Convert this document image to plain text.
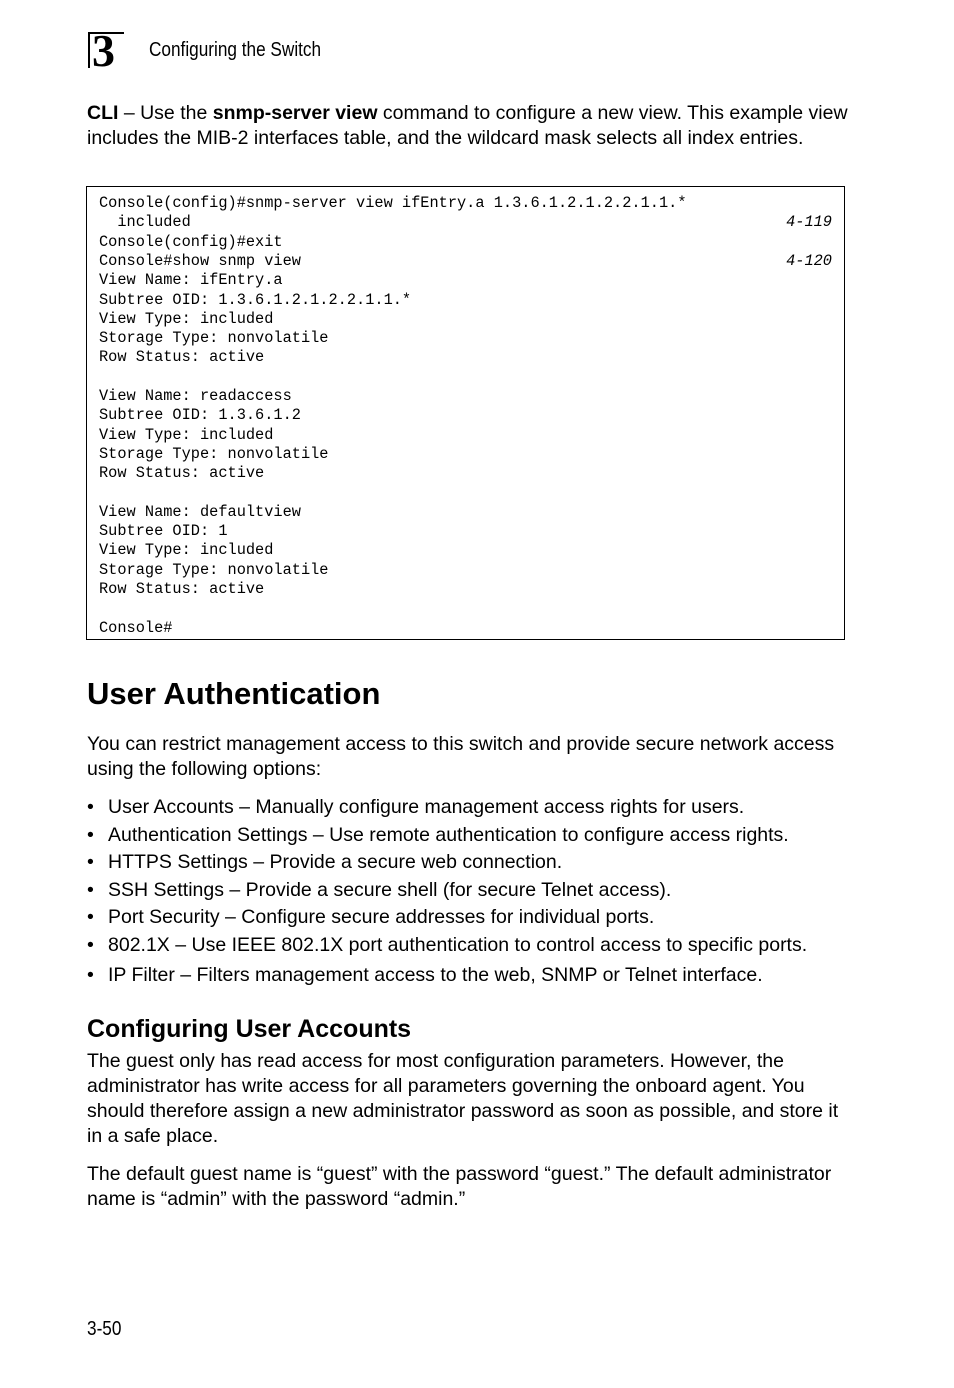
3 Configuring the Switch

CLI – Use the snmp-server view command to configure a new view. This example view includes the MIB-2 interfaces table, and the wildcard mask selects all index entries.

Console(config)#snmp-server view ifEntry.a 1.3.6.1.2.1.2.2.1.1.*
included	4-119
Console(config)#exit
Console#show snmp view	4-120
View Name: ifEntry.a
Subtree OID: 1.3.6.1.2.1.2.2.1.1.*
View Type: included
Storage Type: nonvolatile
Row Status: active
View Name: readaccess
Subtree OID: 1.3.6.1.2
View Type: included
Storage Type: nonvolatile
Row Status: active
View Name: defaultview
Subtree OID: 1
View Type: included
Storage Type: nonvolatile
Row Status: active
Console#
User Authentication

You can restrict management access to this switch and provide secure network access using the following options:

• User Accounts – Manually configure management access rights for users.
• Authentication Settings – Use remote authentication to configure access rights.
• HTTPS Settings – Provide a secure web connection.
• SSH Settings – Provide a secure shell (for secure Telnet access).
• Port Security – Configure secure addresses for individual ports.
• 802.1X – Use IEEE 802.1X port authentication to control access to specific ports.
• IP Filter – Filters management access to the web, SNMP or Telnet interface.
Configuring User Accounts

The guest only has read access for most configuration parameters. However, the administrator has write access for all parameters governing the onboard agent. You should therefore assign a new administrator password as soon as possible, and store it in a safe place.

The default guest name is “guest” with the password “guest.” The default administrator name is “admin” with the password “admin.”

3-50
